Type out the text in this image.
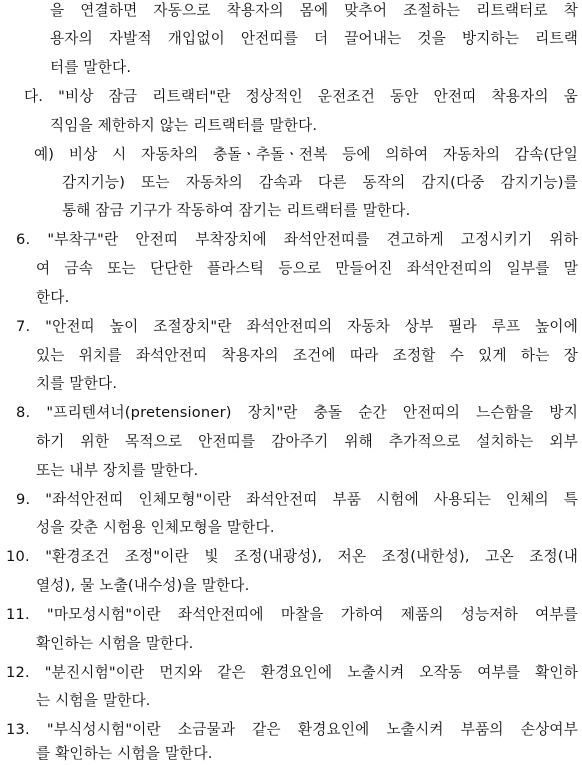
을 연결하면 자동으로 착용자의 몸에 맞추어 조절하는 리트랙터로 착
용자의 자발적 개입없이 안전띠를 더 끌어내는 것을 방지하는 리트랙
터를 말한다.
다. "비상 잠금 리트랙터"란 정상적인 운전조건 동안 안전띠 착용자의 움
직임을 제한하지 않는 리트랙터를 말한다.
예) 비상 시 자동차의 충돌ㆍ추돌ㆍ전복 등에 의하여 자동차의 감속(단일
감지기능) 또는 자동차의 감속과 다른 동작의 감지(다중 감지기능)를
통해 잠금 기구가 작동하여 잠기는 리트랙터를 말한다.
6. "부착구"란 안전띠 부착장치에 좌석안전띠를 견고하게 고정시키기 위하
여 금속 또는 단단한 플라스틱 등으로 만들어진 좌석안전띠의 일부를 말
한다.
7. "안전띠 높이 조절장치"란 좌석안전띠의 자동차 상부 필라 루프 높이에
있는 위치를 좌석안전띠 착용자의 조건에 따라 조정할 수 있게 하는 장
치를 말한다.
8. "프리텐셔너(pretensioner) 장치"란 충돌 순간 안전띠의 느슨함을 방지
하기 위한 목적으로 안전띠를 감아주기 위해 추가적으로 설치하는 외부
또는 내부 장치를 말한다.
9. "좌석안전띠 인체모형"이란 좌석안전띠 부품 시험에 사용되는 인체의 특
성을 갖춘 시험용 인체모형을 말한다.
10. "환경조건 조정"이란 빛 조정(내광성), 저온 조정(내한성), 고온 조정(내
열성), 물 노출(내수성)을 말한다.
11. "마모성시험"이란 좌석안전띠에 마찰을 가하여 제품의 성능저하 여부를
확인하는 시험을 말한다.
12. "분진시험"이란 먼지와 같은 환경요인에 노출시켜 오작동 여부를 확인하
는 시험을 말한다.
13. "부식성시험"이란 소금물과 같은 환경요인에 노출시켜 부품의 손상여부
를 확인하는 시험을 말한다.
